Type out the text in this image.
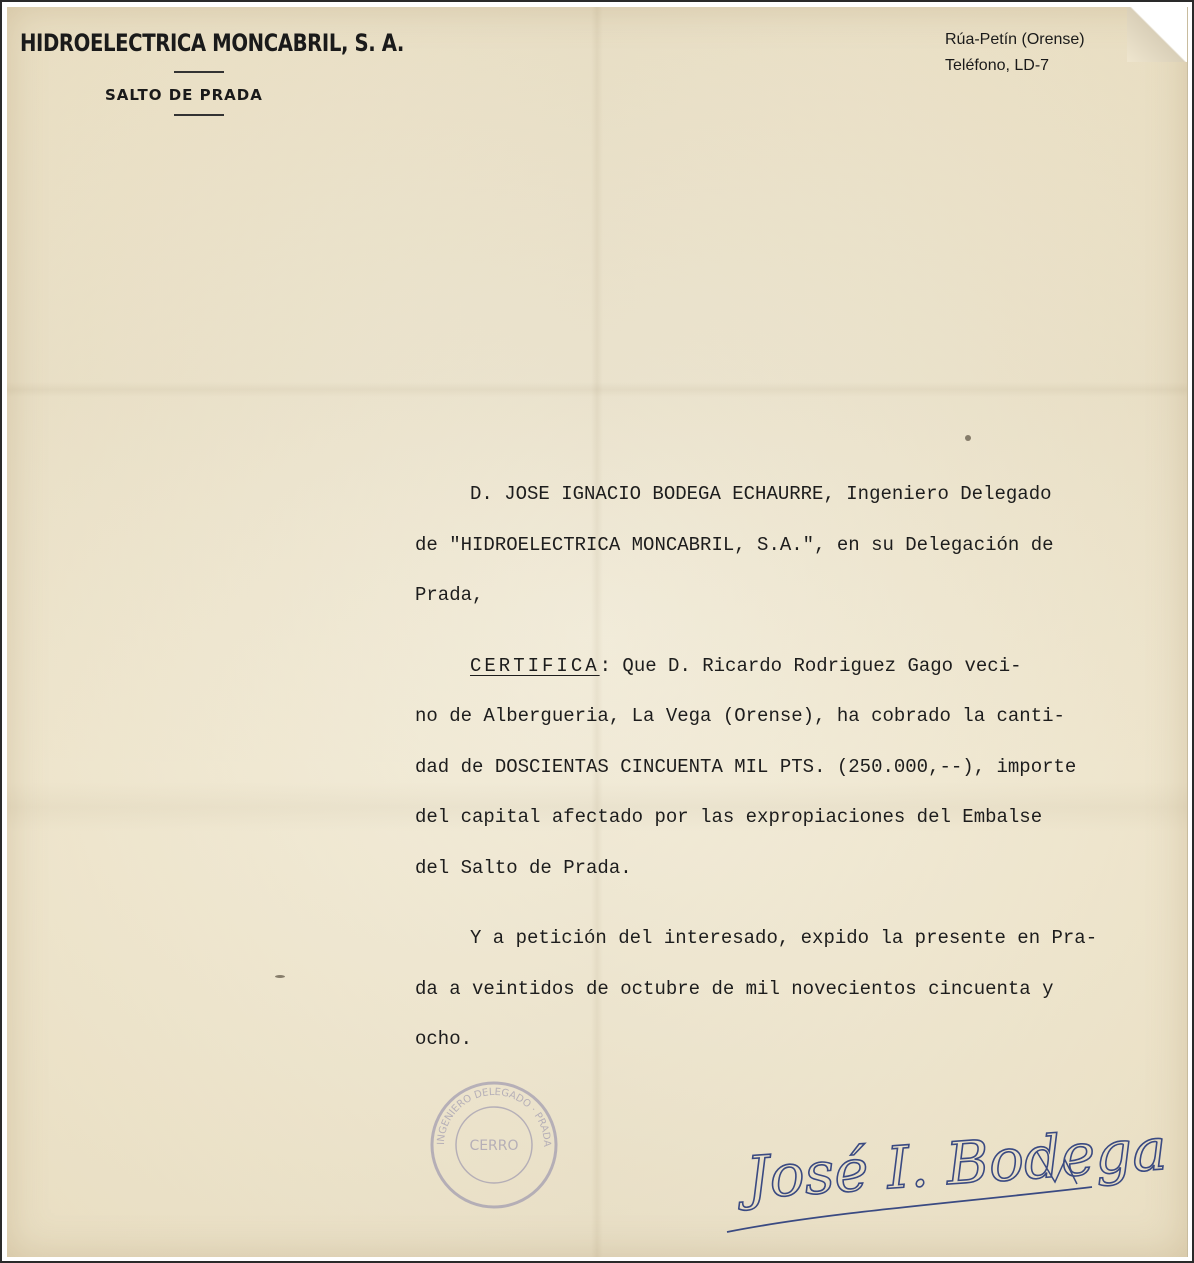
HIDROELECTRICA MONCABRIL, S. A.
SALTO DE PRADA
Rúa-Petín (Orense)
Teléfono, LD-7
D. JOSE IGNACIO BODEGA ECHAURRE, Ingeniero Delegado
de "HIDROELECTRICA MONCABRIL, S.A.", en su Delegación de
Prada,
CERTIFICA: Que D. Ricardo Rodriguez Gago veci-
no de Albergueria, La Vega (Orense), ha cobrado la canti-
dad de DOSCIENTAS CINCUENTA MIL PTS. (250.000,--), importe
del capital afectado por las expropiaciones del Embalse
del Salto de Prada.
Y a petición del interesado, expido la presente en Pra-
da a veintidos de octubre de mil novecientos cincuenta y
ocho.
INGENIERO DELEGADO · PRADA
CERRO	José I. Bodega
